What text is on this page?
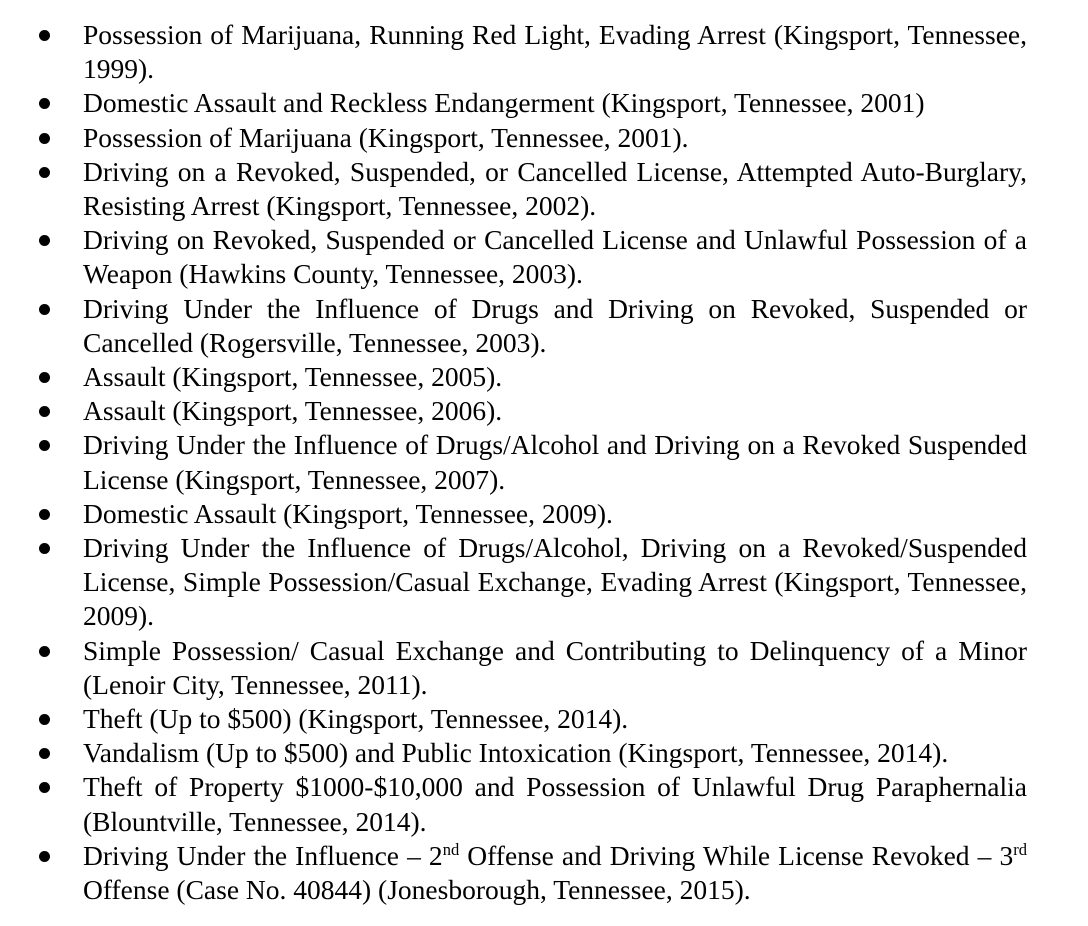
Possession of Marijuana, Running Red Light, Evading Arrest (Kingsport, Tennessee, 1999).
Domestic Assault and Reckless Endangerment (Kingsport, Tennessee, 2001)
Possession of Marijuana (Kingsport, Tennessee, 2001).
Driving on a Revoked, Suspended, or Cancelled License, Attempted Auto-Burglary, Resisting Arrest (Kingsport, Tennessee, 2002).
Driving on Revoked, Suspended or Cancelled License and Unlawful Possession of a Weapon (Hawkins County, Tennessee, 2003).
Driving Under the Influence of Drugs and Driving on Revoked, Suspended or Cancelled (Rogersville, Tennessee, 2003).
Assault (Kingsport, Tennessee, 2005).
Assault (Kingsport, Tennessee, 2006).
Driving Under the Influence of Drugs/Alcohol and Driving on a Revoked Suspended License (Kingsport, Tennessee, 2007).
Domestic Assault (Kingsport, Tennessee, 2009).
Driving Under the Influence of Drugs/Alcohol, Driving on a Revoked/Suspended License, Simple Possession/Casual Exchange, Evading Arrest (Kingsport, Tennessee, 2009).
Simple Possession/ Casual Exchange and Contributing to Delinquency of a Minor (Lenoir City, Tennessee, 2011).
Theft (Up to $500) (Kingsport, Tennessee, 2014).
Vandalism (Up to $500) and Public Intoxication (Kingsport, Tennessee, 2014).
Theft of Property $1000-$10,000 and Possession of Unlawful Drug Paraphernalia (Blountville, Tennessee, 2014).
Driving Under the Influence – 2nd Offense and Driving While License Revoked – 3rd Offense (Case No. 40844) (Jonesborough, Tennessee, 2015).
